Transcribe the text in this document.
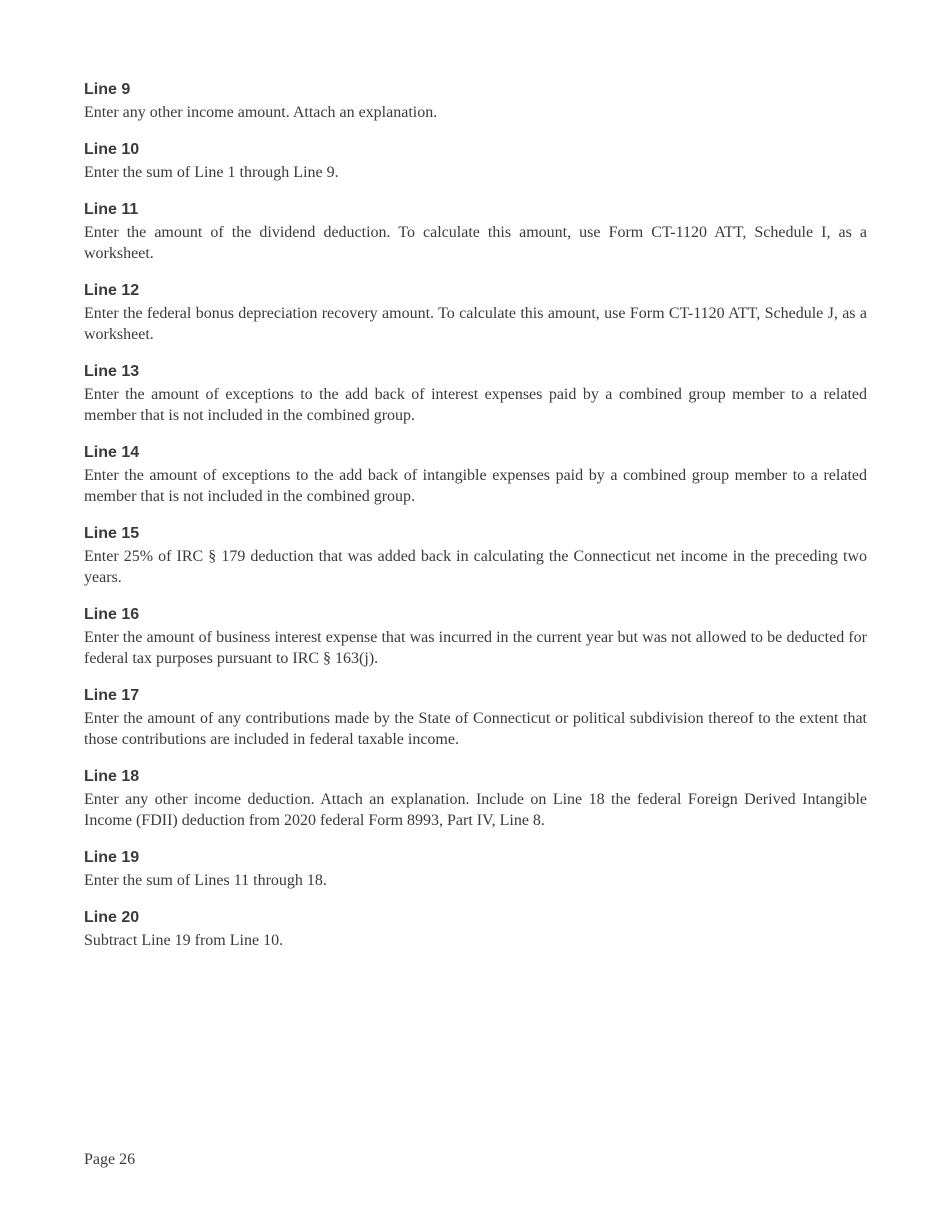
Line 9

Enter any other income amount. Attach an explanation.

Line 10

Enter the sum of Line 1 through Line 9.

Line 11

Enter the amount of the dividend deduction. To calculate this amount, use Form CT-1120 ATT, Schedule I, as a worksheet.

Line 12

Enter the federal bonus depreciation recovery amount. To calculate this amount, use Form CT-1120 ATT, Schedule J, as a worksheet.

Line 13

Enter the amount of exceptions to the add back of interest expenses paid by a combined group member to a related member that is not included in the combined group.

Line 14

Enter the amount of exceptions to the add back of intangible expenses paid by a combined group member to a related member that is not included in the combined group.

Line 15

Enter 25% of IRC § 179 deduction that was added back in calculating the Connecticut net income in the preceding two years.

Line 16

Enter the amount of business interest expense that was incurred in the current year but was not allowed to be deducted for federal tax purposes pursuant to IRC § 163(j).

Line 17

Enter the amount of any contributions made by the State of Connecticut or political subdivision thereof to the extent that those contributions are included in federal taxable income.

Line 18

Enter any other income deduction. Attach an explanation. Include on Line 18 the federal Foreign Derived Intangible Income (FDII) deduction from 2020 federal Form 8993, Part IV, Line 8.

Line 19

Enter the sum of Lines 11 through 18.

Line 20

Subtract Line 19 from Line 10.

Page 26
